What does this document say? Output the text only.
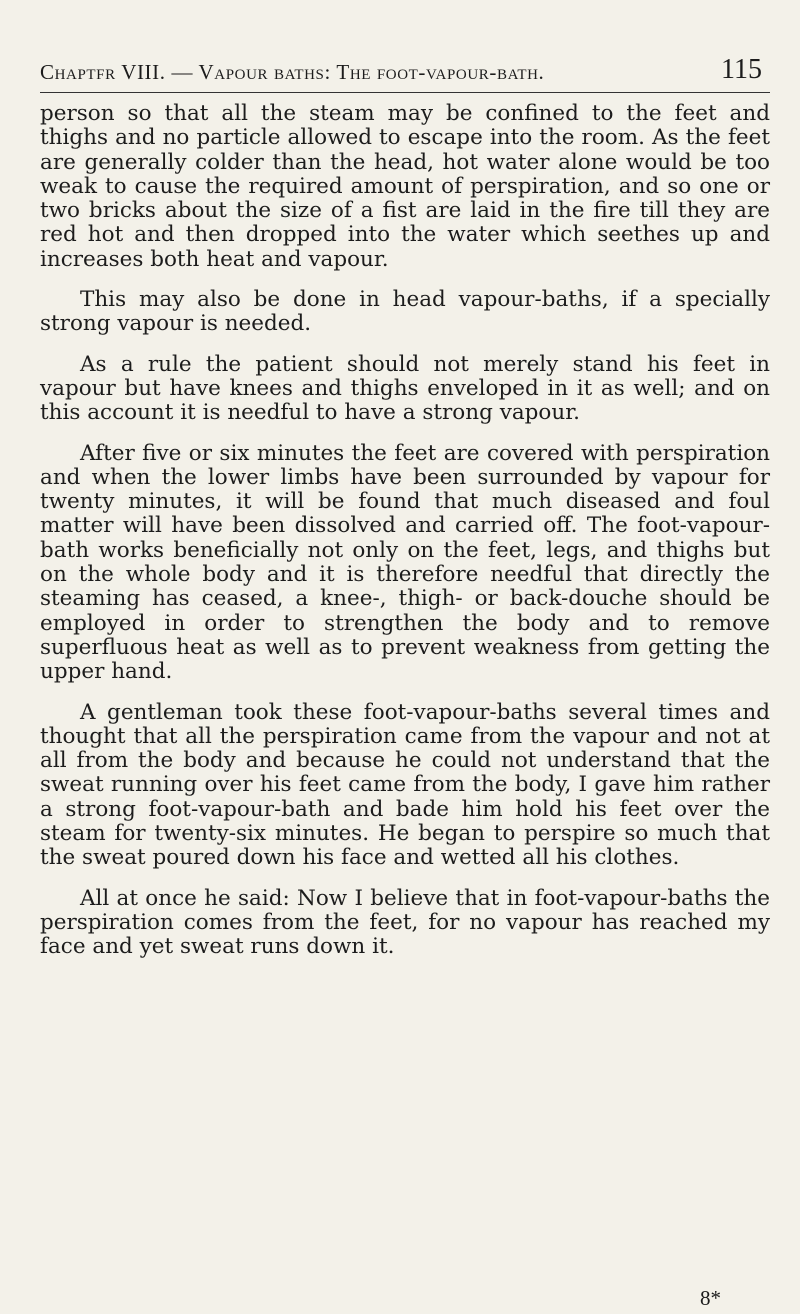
Chaptfr VIII. — Vapour baths: The foot-vapour-bath.	115

person so that all the steam may be confined to the feet and thighs and no particle allowed to escape into the room. As the feet are generally colder than the head, hot water alone would be too weak to cause the required amount of perspiration, and so one or two bricks about the size of a fist are laid in the fire till they are red hot and then dropped into the water which seethes up and increases both heat and vapour.

This may also be done in head vapour-baths, if a specially strong vapour is needed.

As a rule the patient should not merely stand his feet in vapour but have knees and thighs enveloped in it as well; and on this account it is needful to have a strong vapour.

After five or six minutes the feet are covered with perspiration and when the lower limbs have been surrounded by vapour for twenty minutes, it will be found that much diseased and foul matter will have been dissolved and carried off. The foot-vapour-bath works beneficially not only on the feet, legs, and thighs but on the whole body and it is therefore needful that directly the steaming has ceased, a knee-, thigh- or back-douche should be employed in order to strengthen the body and to remove superfluous heat as well as to prevent weakness from getting the upper hand.

A gentleman took these foot-vapour-baths several times and thought that all the perspiration came from the vapour and not at all from the body and because he could not understand that the sweat running over his feet came from the body, I gave him rather a strong foot-vapour-bath and bade him hold his feet over the steam for twenty-six minutes. He began to perspire so much that the sweat poured down his face and wetted all his clothes.

All at once he said: Now I believe that in foot-vapour-baths the perspiration comes from the feet, for no vapour has reached my face and yet sweat runs down it.

8*
